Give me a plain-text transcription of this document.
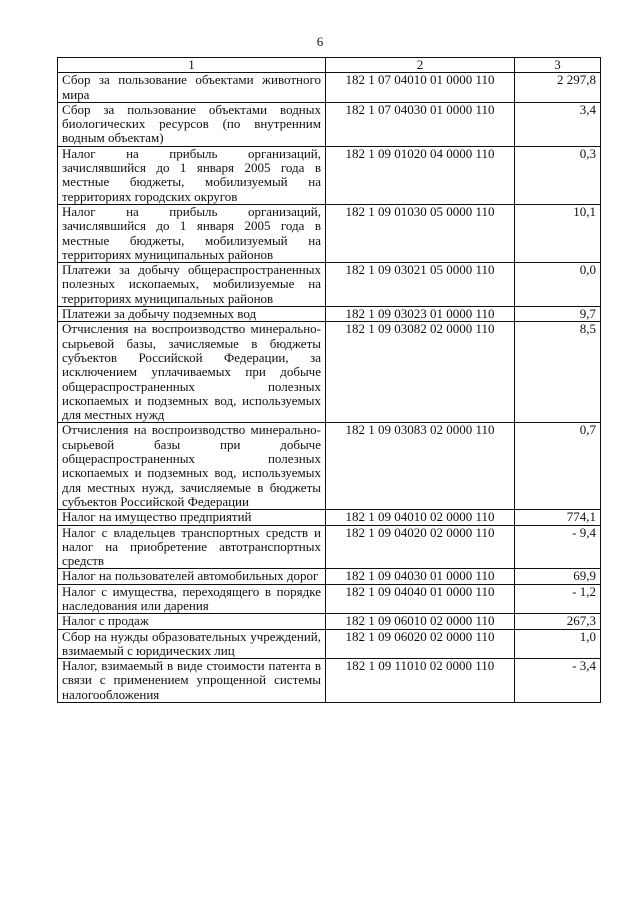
6
1	2	3
Сбор за пользование объектами животного мира	182 1 07 04010 01 0000 110	2 297,8
Сбор за пользование объектами водных биологических ресурсов (по внутренним водным объектам)	182 1 07 04030 01 0000 110	3,4
Налог на прибыль организаций, зачислявшийся до 1 января 2005 года в местные бюджеты, мобилизуемый на территориях городских округов	182 1 09 01020 04 0000 110	0,3
Налог на прибыль организаций, зачислявшийся до 1 января 2005 года в местные бюджеты, мобилизуемый на территориях муниципальных районов	182 1 09 01030 05 0000 110	10,1
Платежи за добычу общераспространенных полезных ископаемых, мобилизуемые на территориях муниципальных районов	182 1 09 03021 05 0000 110	0,0
Платежи за добычу подземных вод	182 1 09 03023 01 0000 110	9,7
Отчисления на воспроизводство минерально-сырьевой базы, зачисляемые в бюджеты субъектов Российской Федерации, за исключением уплачиваемых при добыче общераспространенных полезных ископаемых и подземных вод, используемых для местных нужд	182 1 09 03082 02 0000 110	8,5
Отчисления на воспроизводство минерально-сырьевой базы при добыче общераспространенных полезных ископаемых и подземных вод, используемых для местных нужд, зачисляемые в бюджеты субъектов Российской Федерации	182 1 09 03083 02 0000 110	0,7
Налог на имущество предприятий	182 1 09 04010 02 0000 110	774,1
Налог с владельцев транспортных средств и налог на приобретение автотранспортных средств	182 1 09 04020 02 0000 110	- 9,4
Налог на пользователей автомобильных дорог	182 1 09 04030 01 0000 110	69,9
Налог с имущества, переходящего в порядке наследования или дарения	182 1 09 04040 01 0000 110	- 1,2
Налог с продаж	182 1 09 06010 02 0000 110	267,3
Сбор на нужды образовательных учреждений, взимаемый с юридических лиц	182 1 09 06020 02 0000 110	1,0
Налог, взимаемый в виде стоимости патента в связи с применением упрощенной системы налогообложения	182 1 09 11010 02 0000 110	- 3,4
